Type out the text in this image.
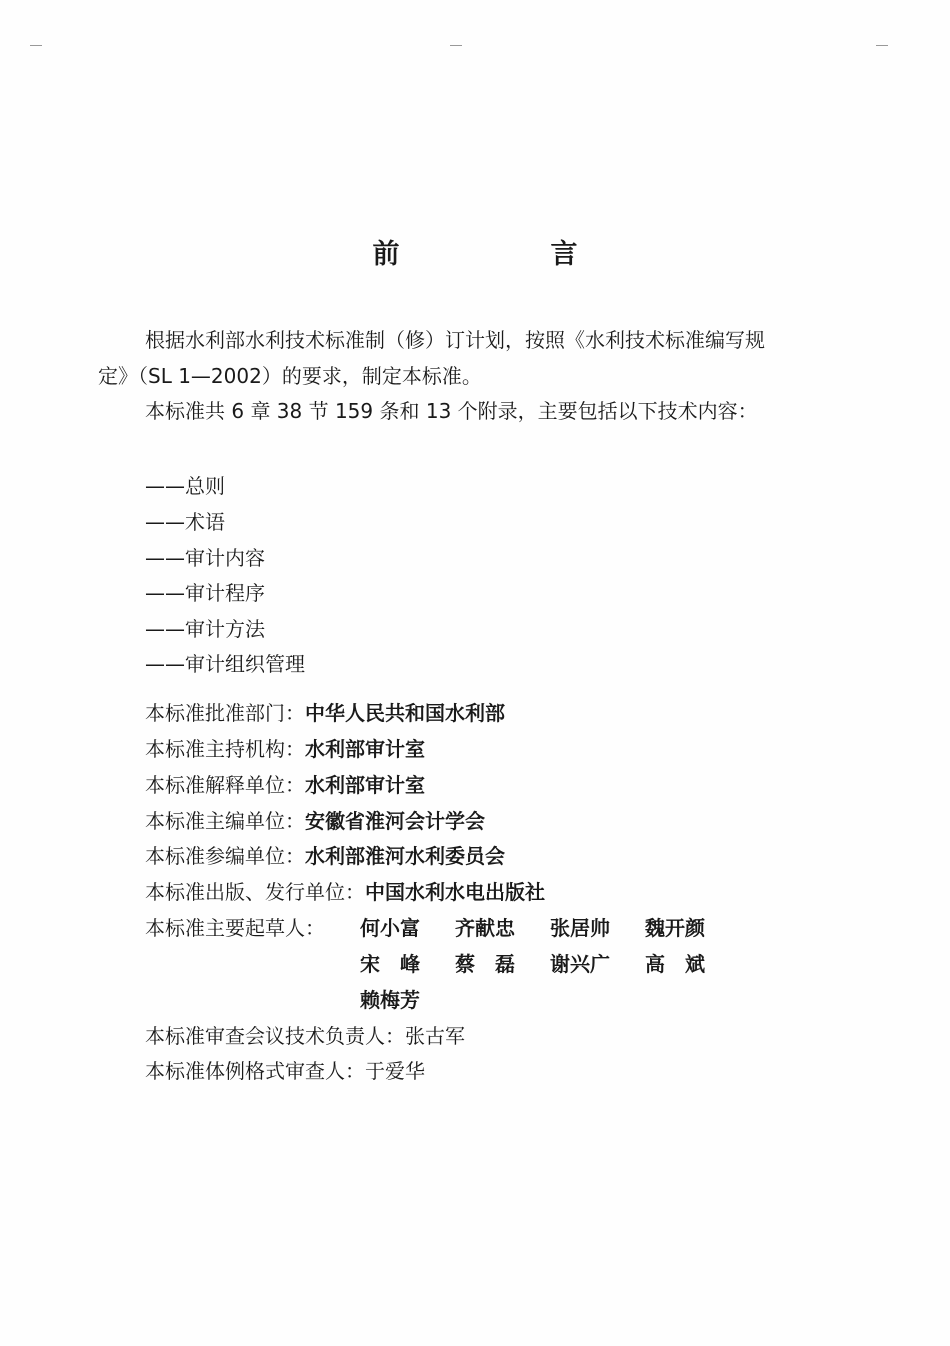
前　言
根据水利部水利技术标准制（修）订计划，按照《水利技术标准编写规定》（SL 1—2002）的要求，制定本标准。
本标准共 6 章 38 节 159 条和 13 个附录，主要包括以下技术内容：
——总则
——术语
——审计内容
——审计程序
——审计方法
——审计组织管理
本标准批准部门：中华人民共和国水利部
本标准主持机构：水利部审计室
本标准解释单位：水利部审计室
本标准主编单位：安徽省淮河会计学会
本标准参编单位：水利部淮河水利委员会
本标准出版、发行单位：中国水利水电出版社
本标准主要起草人： 何小富 齐献忠 张居帅 魏开颜
宋　峰 蔡　磊 谢兴广 高　斌
赖梅芳
本标准审查会议技术负责人：张古军
本标准体例格式审查人：于爱华
